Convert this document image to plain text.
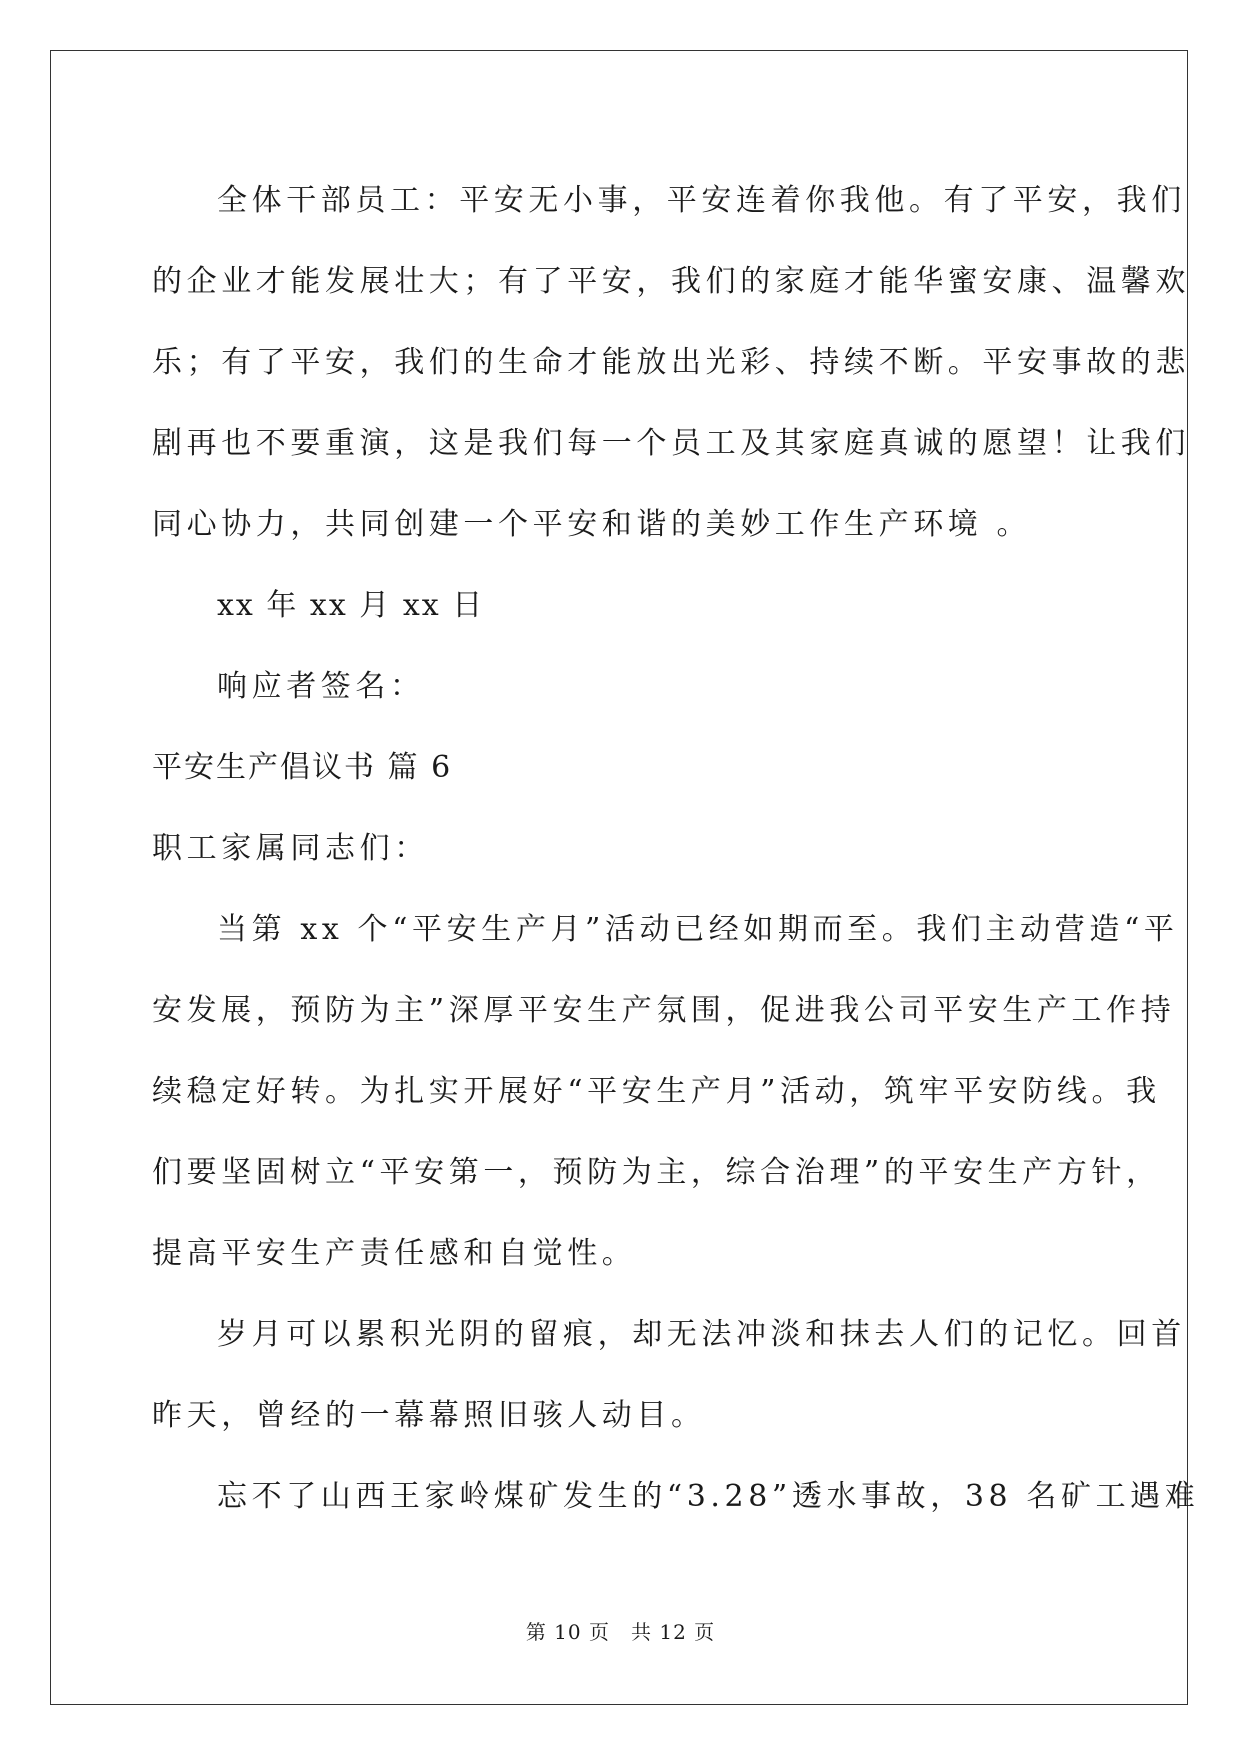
全体干部员工：平安无小事，平安连着你我他。有了平安，我们

的企业才能发展壮大；有了平安，我们的家庭才能华蜜安康、温馨欢

乐；有了平安，我们的生命才能放出光彩、持续不断。平安事故的悲

剧再也不要重演，这是我们每一个员工及其家庭真诚的愿望！让我们

同心协力，共同创建一个平安和谐的美妙工作生产环境 。

xx 年 xx 月 xx 日

响应者签名：

平安生产倡议书 篇 6

职工家属同志们：

当第 xx 个“平安生产月”活动已经如期而至。我们主动营造“平

安发展，预防为主”深厚平安生产氛围，促进我公司平安生产工作持

续稳定好转。为扎实开展好“平安生产月”活动，筑牢平安防线。我

们要坚固树立“平安第一，预防为主，综合治理”的平安生产方针，

提高平安生产责任感和自觉性。

岁月可以累积光阴的留痕，却无法冲淡和抹去人们的记忆。回首

昨天，曾经的一幕幕照旧骇人动目。

忘不了山西王家岭煤矿发生的“3.28”透水事故，38 名矿工遇难

第 10 页　共 12 页
